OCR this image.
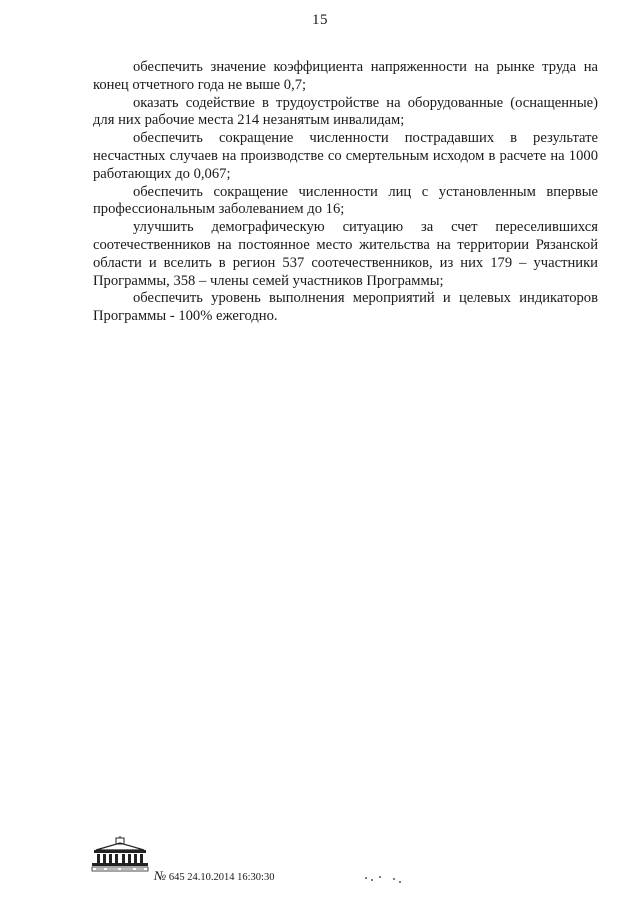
15

обеспечить значение коэффициента напряженности на рынке труда на конец отчетного года не выше 0,7;

оказать содействие в трудоустройстве на оборудованные (оснащенные) для них рабочие места 214 незанятым инвалидам;

обеспечить сокращение численности пострадавших в результате несчастных случаев на производстве со смертельным исходом в расчете на 1000 работающих до 0,067;

обеспечить сокращение численности лиц с установленным впервые профессиональным заболеванием до 16;

улучшить демографическую ситуацию за счет переселившихся соотечественников на постоянное место жительства на территории Рязанской области и вселить в регион 537 соотечественников, из них 179 – участники Программы, 358 – члены семей участников Программы;

обеспечить уровень выполнения мероприятий и целевых индикаторов Программы - 100% ежегодно.

№ 645 24.10.2014 16:30:30
